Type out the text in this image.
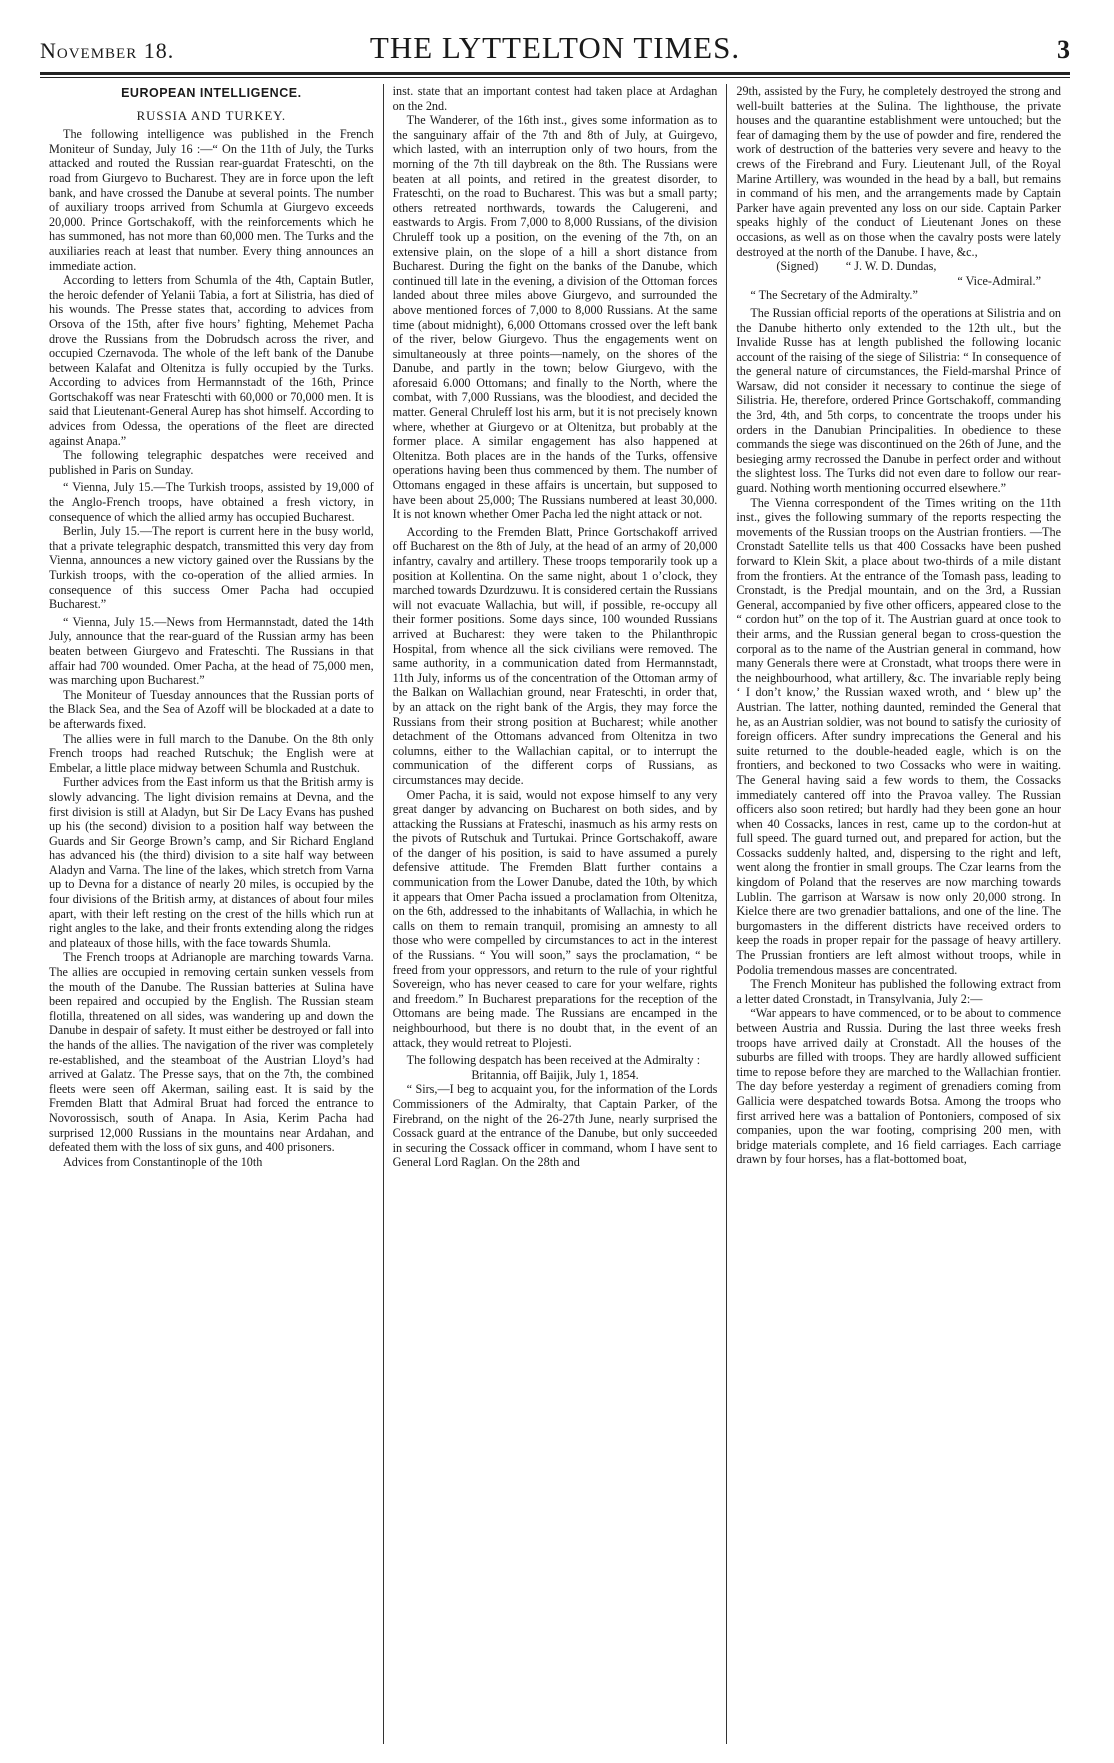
November 18.	THE LYTTELTON TIMES.	3
EUROPEAN INTELLIGENCE.
RUSSIA AND TURKEY.

The following intelligence was published in the French Moniteur of Sunday, July 16 :—“ On the 11th of July, the Turks attacked and routed the Russian rear-guardat Frateschti, on the road from Giurgevo to Bucharest. They are in force upon the left bank, and have crossed the Danube at several points. The number of auxiliary troops arrived from Schumla at Giurgevo exceeds 20,000. Prince Gortschakoff, with the reinforcements which he has summoned, has not more than 60,000 men. The Turks and the auxiliaries reach at least that number. Every thing announces an immediate action.

According to letters from Schumla of the 4th, Captain Butler, the heroic defender of Yelanii Tabia, a fort at Silistria, has died of his wounds. The Presse states that, according to advices from Orsova of the 15th, after five hours’ fighting, Mehemet Pacha drove the Russians from the Dobrudsch across the river, and occupied Czernavoda. The whole of the left bank of the Danube between Kalafat and Oltenitza is fully occupied by the Turks. According to advices from Hermannstadt of the 16th, Prince Gortschakoff was near Frateschti with 60,000 or 70,000 men. It is said that Lieutenant-General Aurep has shot himself. According to advices from Odessa, the operations of the fleet are directed against Anapa.”

The following telegraphic despatches were received and published in Paris on Sunday.

“ Vienna, July 15.—The Turkish troops, assisted by 19,000 of the Anglo-French troops, have obtained a fresh victory, in consequence of which the allied army has occupied Bucharest.

Berlin, July 15.—The report is current here in the busy world, that a private telegraphic despatch, transmitted this very day from Vienna, announces a new victory gained over the Russians by the Turkish troops, with the co-operation of the allied armies. In consequence of this success Omer Pacha had occupied Bucharest.”

“ Vienna, July 15.—News from Hermannstadt, dated the 14th July, announce that the rear-guard of the Russian army has been beaten between Giurgevo and Frateschti. The Russians in that affair had 700 wounded. Omer Pacha, at the head of 75,000 men, was marching upon Bucharest.”

The Moniteur of Tuesday announces that the Russian ports of the Black Sea, and the Sea of Azoff will be blockaded at a date to be afterwards fixed.

The allies were in full march to the Danube. On the 8th only French troops had reached Rutschuk; the English were at Embelar, a little place midway between Schumla and Rustchuk.

Further advices from the East inform us that the British army is slowly advancing. The light division remains at Devna, and the first division is still at Aladyn, but Sir De Lacy Evans has pushed up his (the second) division to a position half way between the Guards and Sir George Brown’s camp, and Sir Richard England has advanced his (the third) division to a site half way between Aladyn and Varna. The line of the lakes, which stretch from Varna up to Devna for a distance of nearly 20 miles, is occupied by the four divisions of the British army, at distances of about four miles apart, with their left resting on the crest of the hills which run at right angles to the lake, and their fronts extending along the ridges and plateaux of those hills, with the face towards Shumla.

The French troops at Adrianople are marching towards Varna. The allies are occupied in removing certain sunken vessels from the mouth of the Danube. The Russian batteries at Sulina have been repaired and occupied by the English. The Russian steam flotilla, threatened on all sides, was wandering up and down the Danube in despair of safety. It must either be destroyed or fall into the hands of the allies. The navigation of the river was completely re-established, and the steamboat of the Austrian Lloyd’s had arrived at Galatz. The Presse says, that on the 7th, the combined fleets were seen off Akerman, sailing east. It is said by the Fremden Blatt that Admiral Bruat had forced the entrance to Novorossisch, south of Anapa. In Asia, Kerim Pacha had surprised 12,000 Russians in the mountains near Ardahan, and defeated them with the loss of six guns, and 400 prisoners.

Advices from Constantinople of the 10th

inst. state that an important contest had taken place at Ardaghan on the 2nd.

The Wanderer, of the 16th inst., gives some information as to the sanguinary affair of the 7th and 8th of July, at Guirgevo, which lasted, with an interruption only of two hours, from the morning of the 7th till daybreak on the 8th. The Russians were beaten at all points, and retired in the greatest disorder, to Frateschti, on the road to Bucharest. This was but a small party; others retreated northwards, towards the Calugereni, and eastwards to Argis. From 7,000 to 8,000 Russians, of the division Chruleff took up a position, on the evening of the 7th, on an extensive plain, on the slope of a hill a short distance from Bucharest. During the fight on the banks of the Danube, which continued till late in the evening, a division of the Ottoman forces landed about three miles above Giurgevo, and surrounded the above mentioned forces of 7,000 to 8,000 Russians. At the same time (about midnight), 6,000 Ottomans crossed over the left bank of the river, below Giurgevo. Thus the engagements went on simultaneously at three points—namely, on the shores of the Danube, and partly in the town; below Giurgevo, with the aforesaid 6.000 Ottomans; and finally to the North, where the combat, with 7,000 Russians, was the bloodiest, and decided the matter. General Chruleff lost his arm, but it is not precisely known where, whether at Giurgevo or at Oltenitza, but probably at the former place. A similar engagement has also happened at Oltenitza. Both places are in the hands of the Turks, offensive operations having been thus commenced by them. The number of Ottomans engaged in these affairs is uncertain, but supposed to have been about 25,000; The Russians numbered at least 30,000. It is not known whether Omer Pacha led the night attack or not.

According to the Fremden Blatt, Prince Gortschakoff arrived off Bucharest on the 8th of July, at the head of an army of 20,000 infantry, cavalry and artillery. These troops temporarily took up a position at Kollentina. On the same night, about 1 o’clock, they marched towards Dzurdzuwu. It is considered certain the Russians will not evacuate Wallachia, but will, if possible, re-occupy all their former positions. Some days since, 100 wounded Russians arrived at Bucharest: they were taken to the Philanthropic Hospital, from whence all the sick civilians were removed. The same authority, in a communication dated from Hermannstadt, 11th July, informs us of the concentration of the Ottoman army of the Balkan on Wallachian ground, near Frateschti, in order that, by an attack on the right bank of the Argis, they may force the Russians from their strong position at Bucharest; while another detachment of the Ottomans advanced from Oltenitza in two columns, either to the Wallachian capital, or to interrupt the communication of the different corps of Russians, as circumstances may decide.

Omer Pacha, it is said, would not expose himself to any very great danger by advancing on Bucharest on both sides, and by attacking the Russians at Frateschi, inasmuch as his army rests on the pivots of Rutschuk and Turtukai. Prince Gortschakoff, aware of the danger of his position, is said to have assumed a purely defensive attitude. The Fremden Blatt further contains a communication from the Lower Danube, dated the 10th, by which it appears that Omer Pacha issued a proclamation from Oltenitza, on the 6th, addressed to the inhabitants of Wallachia, in which he calls on them to remain tranquil, promising an amnesty to all those who were compelled by circumstances to act in the interest of the Russians. “ You will soon,” says the proclamation, “ be freed from your oppressors, and return to the rule of your rightful Sovereign, who has never ceased to care for your welfare, rights and freedom.” In Bucharest preparations for the reception of the Ottomans are being made. The Russians are encamped in the neighbourhood, but there is no doubt that, in the event of an attack, they would retreat to Plojesti.

The following despatch has been received at the Admiralty :

Britannia, off Baijik, July 1, 1854.

“ Sirs,—I beg to acquaint you, for the information of the Lords Commissioners of the Admiralty, that Captain Parker, of the Firebrand, on the night of the 26-27th June, nearly surprised the Cossack guard at the entrance of the Danube, but only succeeded in securing the Cossack officer in command, whom I have sent to General Lord Raglan. On the 28th and

29th, assisted by the Fury, he completely destroyed the strong and well-built batteries at the Sulina. The lighthouse, the private houses and the quarantine establishment were untouched; but the fear of damaging them by the use of powder and fire, rendered the work of destruction of the batteries very severe and heavy to the crews of the Firebrand and Fury. Lieutenant Jull, of the Royal Marine Artillery, was wounded in the head by a ball, but remains in command of his men, and the arrangements made by Captain Parker have again prevented any loss on our side. Captain Parker speaks highly of the conduct of Lieutenant Jones on these occasions, as well as on those when the cavalry posts were lately destroyed at the north of the Danube. I have, &c.,

(Signed) “ J. W. D. Dundas,

“ Vice-Admiral.”

“ The Secretary of the Admiralty.”

The Russian official reports of the operations at Silistria and on the Danube hitherto only extended to the 12th ult., but the Invalide Russe has at length published the following locanic account of the raising of the siege of Silistria: “ In consequence of the general nature of circumstances, the Field-marshal Prince of Warsaw, did not consider it necessary to continue the siege of Silistria. He, therefore, ordered Prince Gortschakoff, commanding the 3rd, 4th, and 5th corps, to concentrate the troops under his orders in the Danubian Principalities. In obedience to these commands the siege was discontinued on the 26th of June, and the besieging army recrossed the Danube in perfect order and without the slightest loss. The Turks did not even dare to follow our rear-guard. Nothing worth mentioning occurred elsewhere.”

The Vienna correspondent of the Times writing on the 11th inst., gives the following summary of the reports respecting the movements of the Russian troops on the Austrian frontiers. —The Cronstadt Satellite tells us that 400 Cossacks have been pushed forward to Klein Skit, a place about two-thirds of a mile distant from the frontiers. At the entrance of the Tomash pass, leading to Cronstadt, is the Predjal mountain, and on the 3rd, a Russian General, accompanied by five other officers, appeared close to the “ cordon hut” on the top of it. The Austrian guard at once took to their arms, and the Russian general began to cross-question the corporal as to the name of the Austrian general in command, how many Generals there were at Cronstadt, what troops there were in the neighbourhood, what artillery, &c. The invariable reply being ‘ I don’t know,’ the Russian waxed wroth, and ‘ blew up’ the Austrian. The latter, nothing daunted, reminded the General that he, as an Austrian soldier, was not bound to satisfy the curiosity of foreign officers. After sundry imprecations the General and his suite returned to the double-headed eagle, which is on the frontiers, and beckoned to two Cossacks who were in waiting. The General having said a few words to them, the Cossacks immediately cantered off into the Pravoa valley. The Russian officers also soon retired; but hardly had they been gone an hour when 40 Cossacks, lances in rest, came up to the cordon-hut at full speed. The guard turned out, and prepared for action, but the Cossacks suddenly halted, and, dispersing to the right and left, went along the frontier in small groups. The Czar learns from the kingdom of Poland that the reserves are now marching towards Lublin. The garrison at Warsaw is now only 20,000 strong. In Kielce there are two grenadier battalions, and one of the line. The burgomasters in the different districts have received orders to keep the roads in proper repair for the passage of heavy artillery. The Prussian frontiers are left almost without troops, while in Podolia tremendous masses are concentrated.

The French Moniteur has published the following extract from a letter dated Cronstadt, in Transylvania, July 2:—

“War appears to have commenced, or to be about to commence between Austria and Russia. During the last three weeks fresh troops have arrived daily at Cronstadt. All the houses of the suburbs are filled with troops. They are hardly allowed sufficient time to repose before they are marched to the Wallachian frontier. The day before yesterday a regiment of grenadiers coming from Gallicia were despatched towards Botsa. Among the troops who first arrived here was a battalion of Pontoniers, composed of six companies, upon the war footing, comprising 200 men, with bridge materials complete, and 16 field carriages. Each carriage drawn by four horses, has a flat-bottomed boat,
